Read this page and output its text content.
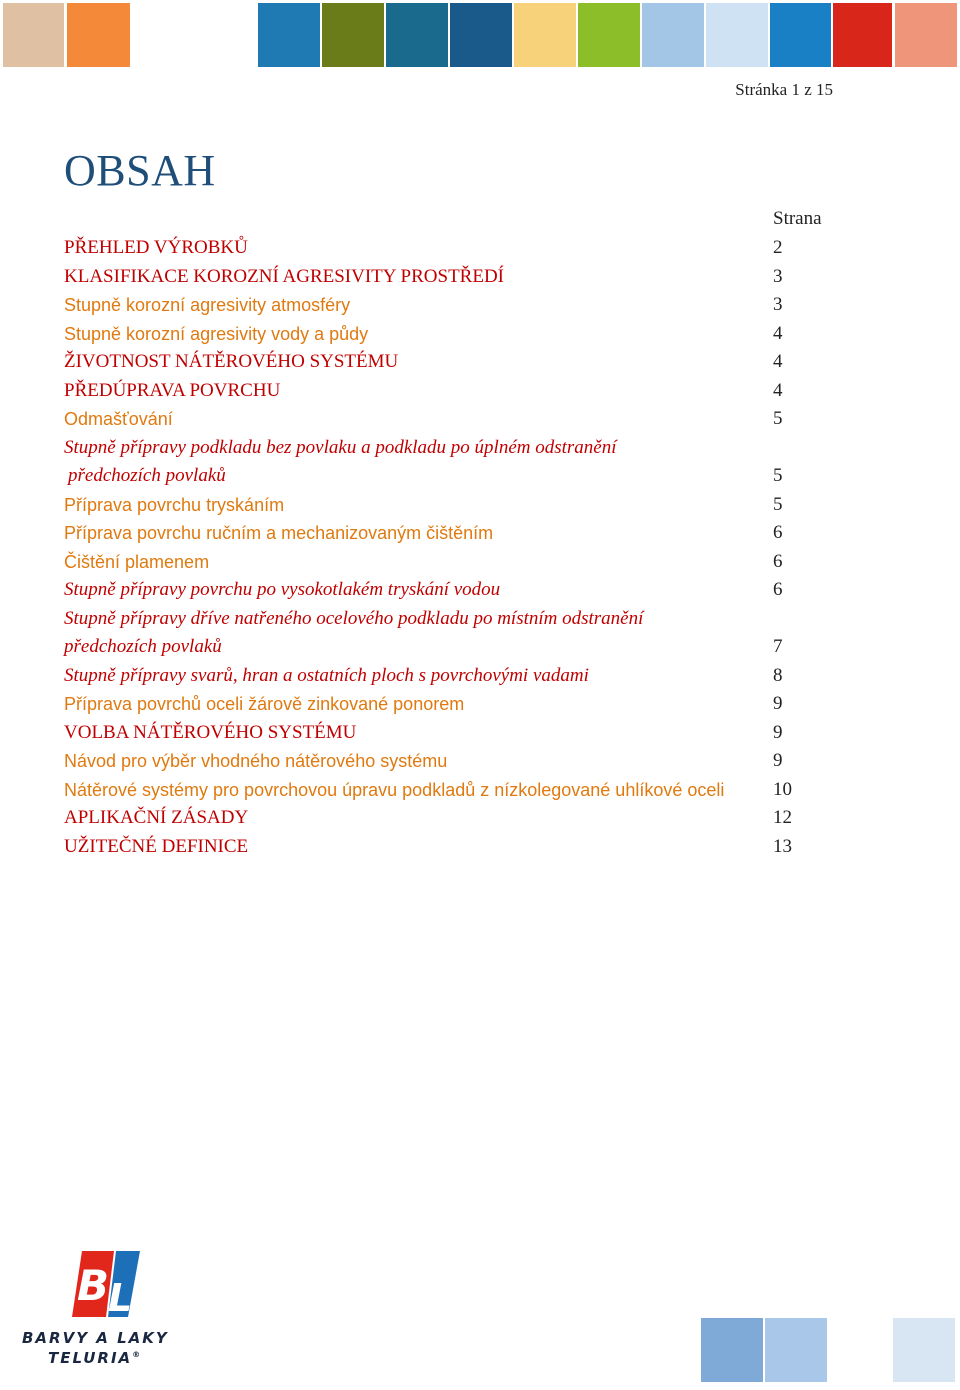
Stránka 1 z 15
OBSAH
Strana
PŘEHLED VÝROBKŮ	2
KLASIFIKACE KOROZNÍ AGRESIVITY PROSTŘEDÍ	3
Stupně korozní agresivity atmosféry	3
Stupně korozní agresivity vody a půdy	4
ŽIVOTNOST NÁTĚROVÉHO SYSTÉMU	4
PŘEDÚPRAVA POVRCHU	4
Odmašťování	5
Stupně přípravy podkladu bez povlaku a podkladu po úplném odstranění
předchozích povlaků	5
Příprava povrchu tryskáním	5
Příprava povrchu ručním a mechanizovaným čištěním	6
Čištění plamenem	6
Stupně přípravy povrchu po vysokotlakém tryskání vodou	6
Stupně přípravy dříve natřeného ocelového podkladu po místním odstranění
předchozích povlaků	7
Stupně přípravy svarů, hran a ostatních ploch s povrchovými vadami	8
Příprava povrchů oceli žárově zinkované ponorem	9
VOLBA NÁTĚROVÉHO SYSTÉMU	9
Návod pro výběr vhodného nátěrového systému	9
Nátěrové systémy pro povrchovou úpravu podkladů z nízkolegované uhlíkové oceli	10
APLIKAČNÍ ZÁSADY	12
UŽITEČNÉ DEFINICE	13
B
L
BARVY A LAKY
TELURIA®
